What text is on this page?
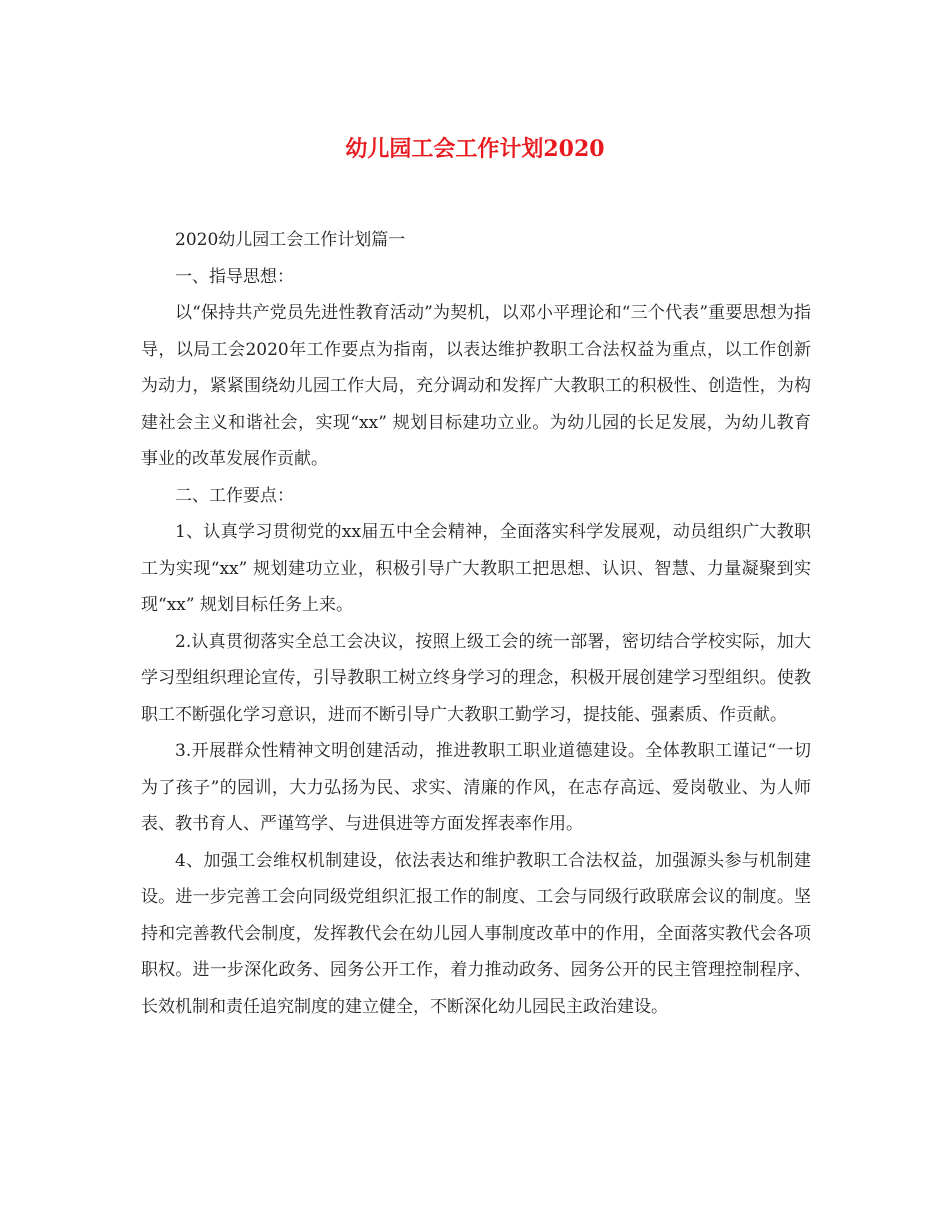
幼儿园工会工作计划2020

2020幼儿园工会工作计划篇一

一、指导思想：

以“保持共产党员先进性教育活动”为契机，以邓小平理论和“三个代表”重要思想为指导，以局工会2020年工作要点为指南，以表达维护教职工合法权益为重点，以工作创新为动力，紧紧围绕幼儿园工作大局，充分调动和发挥广大教职工的积极性、创造性，为构建社会主义和谐社会，实现“xx” 规划目标建功立业。为幼儿园的长足发展，为幼儿教育事业的改革发展作贡献。

二、工作要点：

1、认真学习贯彻党的xx届五中全会精神，全面落实科学发展观，动员组织广大教职工为实现“xx” 规划建功立业，积极引导广大教职工把思想、认识、智慧、力量凝聚到实现“xx” 规划目标任务上来。

2.认真贯彻落实全总工会决议，按照上级工会的统一部署，密切结合学校实际，加大学习型组织理论宣传，引导教职工树立终身学习的理念，积极开展创建学习型组织。使教职工不断强化学习意识，进而不断引导广大教职工勤学习，提技能、强素质、作贡献。

3.开展群众性精神文明创建活动，推进教职工职业道德建设。全体教职工谨记“一切为了孩子”的园训，大力弘扬为民、求实、清廉的作风，在志存高远、爱岗敬业、为人师表、教书育人、严谨笃学、与进俱进等方面发挥表率作用。

4、加强工会维权机制建设，依法表达和维护教职工合法权益，加强源头参与机制建设。进一步完善工会向同级党组织汇报工作的制度、工会与同级行政联席会议的制度。坚持和完善教代会制度，发挥教代会在幼儿园人事制度改革中的作用，全面落实教代会各项职权。进一步深化政务、园务公开工作，着力推动政务、园务公开的民主管理控制程序、长效机制和责任追究制度的建立健全，不断深化幼儿园民主政治建设。
